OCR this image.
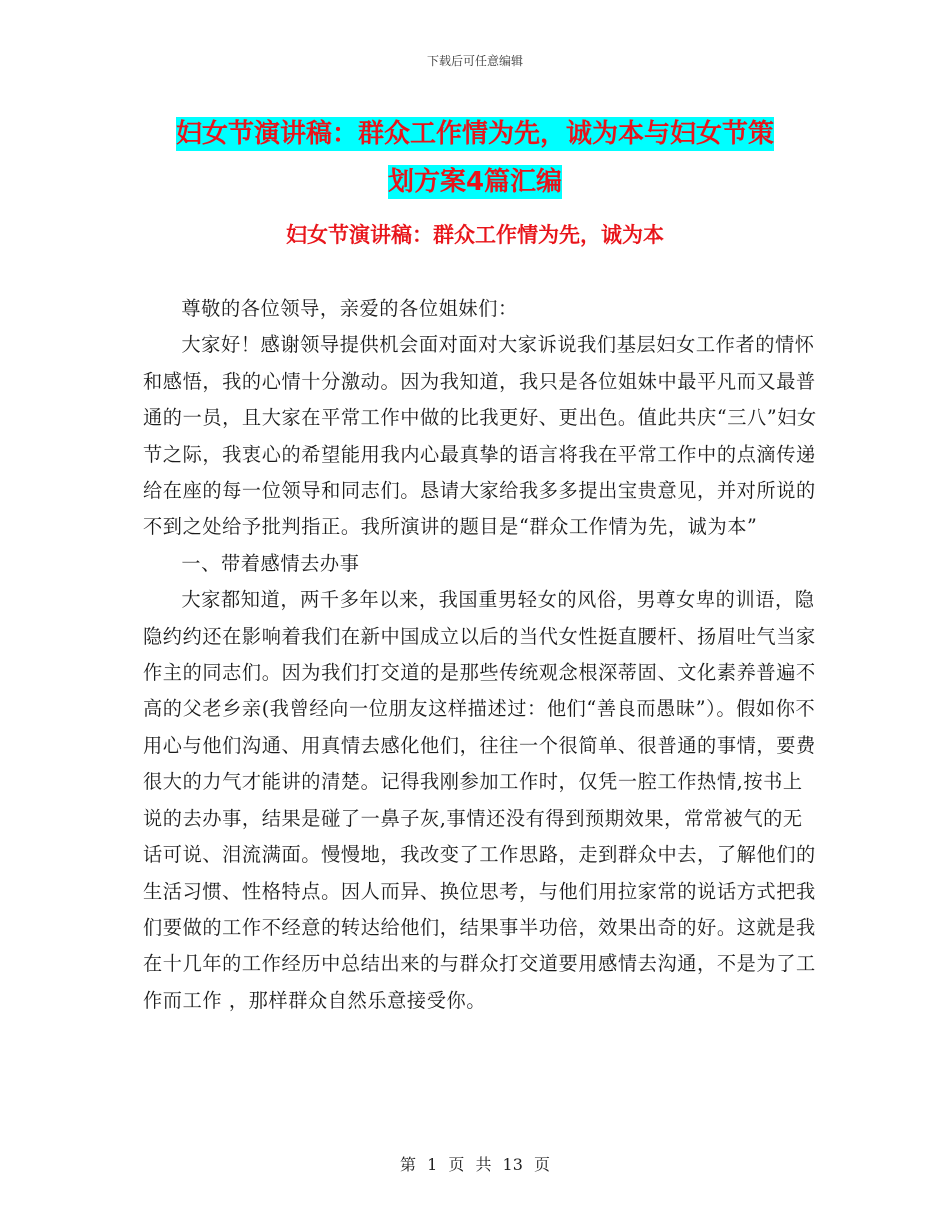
下载后可任意编辑
妇女节演讲稿：群众工作情为先，诚为本与妇女节策
划方案4篇汇编
妇女节演讲稿：群众工作情为先，诚为本

尊敬的各位领导，亲爱的各位姐妹们：

大家好！感谢领导提供机会面对面对大家诉说我们基层妇女工作者的情怀和感悟，我的心情十分激动。因为我知道，我只是各位姐妹中最平凡而又最普通的一员，且大家在平常工作中做的比我更好、更出色。值此共庆“三八”妇女节之际，我衷心的希望能用我内心最真挚的语言将我在平常工作中的点滴传递给在座的每一位领导和同志们。恳请大家给我多多提出宝贵意见，并对所说的不到之处给予批判指正。我所演讲的题目是“群众工作情为先，诚为本”

一、带着感情去办事

大家都知道，两千多年以来，我国重男轻女的风俗，男尊女卑的训语，隐隐约约还在影响着我们在新中国成立以后的当代女性挺直腰杆、扬眉吐气当家作主的同志们。因为我们打交道的是那些传统观念根深蒂固、文化素养普遍不高的父老乡亲(我曾经向一位朋友这样描述过：他们“善良而愚昧”）。假如你不用心与他们沟通、用真情去感化他们，往往一个很简单、很普通的事情，要费很大的力气才能讲的清楚。记得我刚参加工作时，仅凭一腔工作热情,按书上说的去办事，结果是碰了一鼻子灰,事情还没有得到预期效果，常常被气的无话可说、泪流满面。慢慢地，我改变了工作思路，走到群众中去，了解他们的生活习惯、性格特点。因人而异、换位思考，与他们用拉家常的说话方式把我们要做的工作不经意的转达给他们，结果事半功倍，效果出奇的好。这就是我在十几年的工作经历中总结出来的与群众打交道要用感情去沟通，不是为了工作而工作 ，那样群众自然乐意接受你。

第 1 页 共 13 页
